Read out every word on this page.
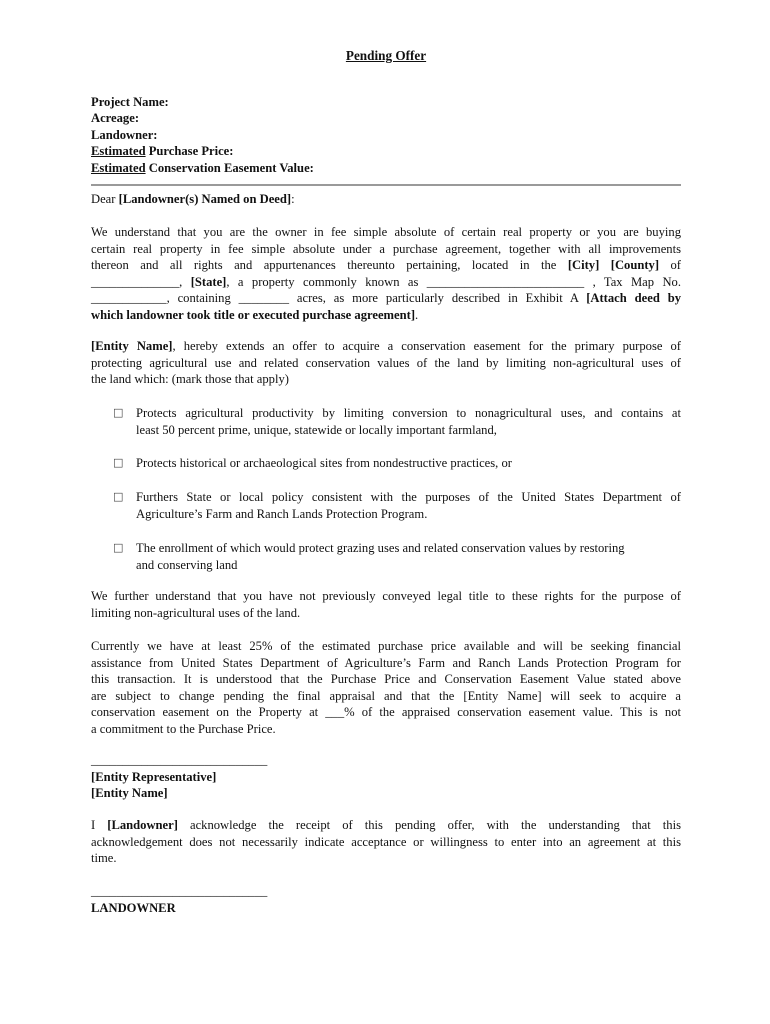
Pending Offer
Project Name:
Acreage:
Landowner:
Estimated Purchase Price:
Estimated Conservation Easement Value:
Dear [Landowner(s) Named on Deed]:
We understand that you are the owner in fee simple absolute of certain real property or you are buying
certain real property in fee simple absolute under a purchase agreement, together with all improvements
thereon and all rights and appurtenances thereunto pertaining, located in the [City] [County] of
______________, [State], a property commonly known as _________________________ , Tax Map No.
____________, containing ________ acres, as more particularly described in Exhibit A [Attach deed by
which landowner took title or executed purchase agreement].
[Entity Name], hereby extends an offer to acquire a conservation easement for the primary purpose of
protecting agricultural use and related conservation values of the land by limiting non-agricultural uses of
the land which: (mark those that apply)
□ Protects agricultural productivity by limiting conversion to nonagricultural uses, and contains at
least 50 percent prime, unique, statewide or locally important farmland,
□ Protects historical or archaeological sites from nondestructive practices, or
□ Furthers State or local policy consistent with the purposes of the United States Department of
Agriculture’s Farm and Ranch Lands Protection Program.
□ The enrollment of which would protect grazing uses and related conservation values by restoring
and conserving land
We further understand that you have not previously conveyed legal title to these rights for the purpose of
limiting non-agricultural uses of the land.
Currently we have at least 25% of the estimated purchase price available and will be seeking financial
assistance from United States Department of Agriculture’s Farm and Ranch Lands Protection Program for
this transaction. It is understood that the Purchase Price and Conservation Easement Value stated above
are subject to change pending the final appraisal and that the [Entity Name] will seek to acquire a
conservation easement on the Property at ___% of the appraised conservation easement value. This is not
a commitment to the Purchase Price.
____________________________
[Entity Representative]
[Entity Name]
I [Landowner] acknowledge the receipt of this pending offer, with the understanding that this
acknowledgement does not necessarily indicate acceptance or willingness to enter into an agreement at this
time.
____________________________
LANDOWNER
